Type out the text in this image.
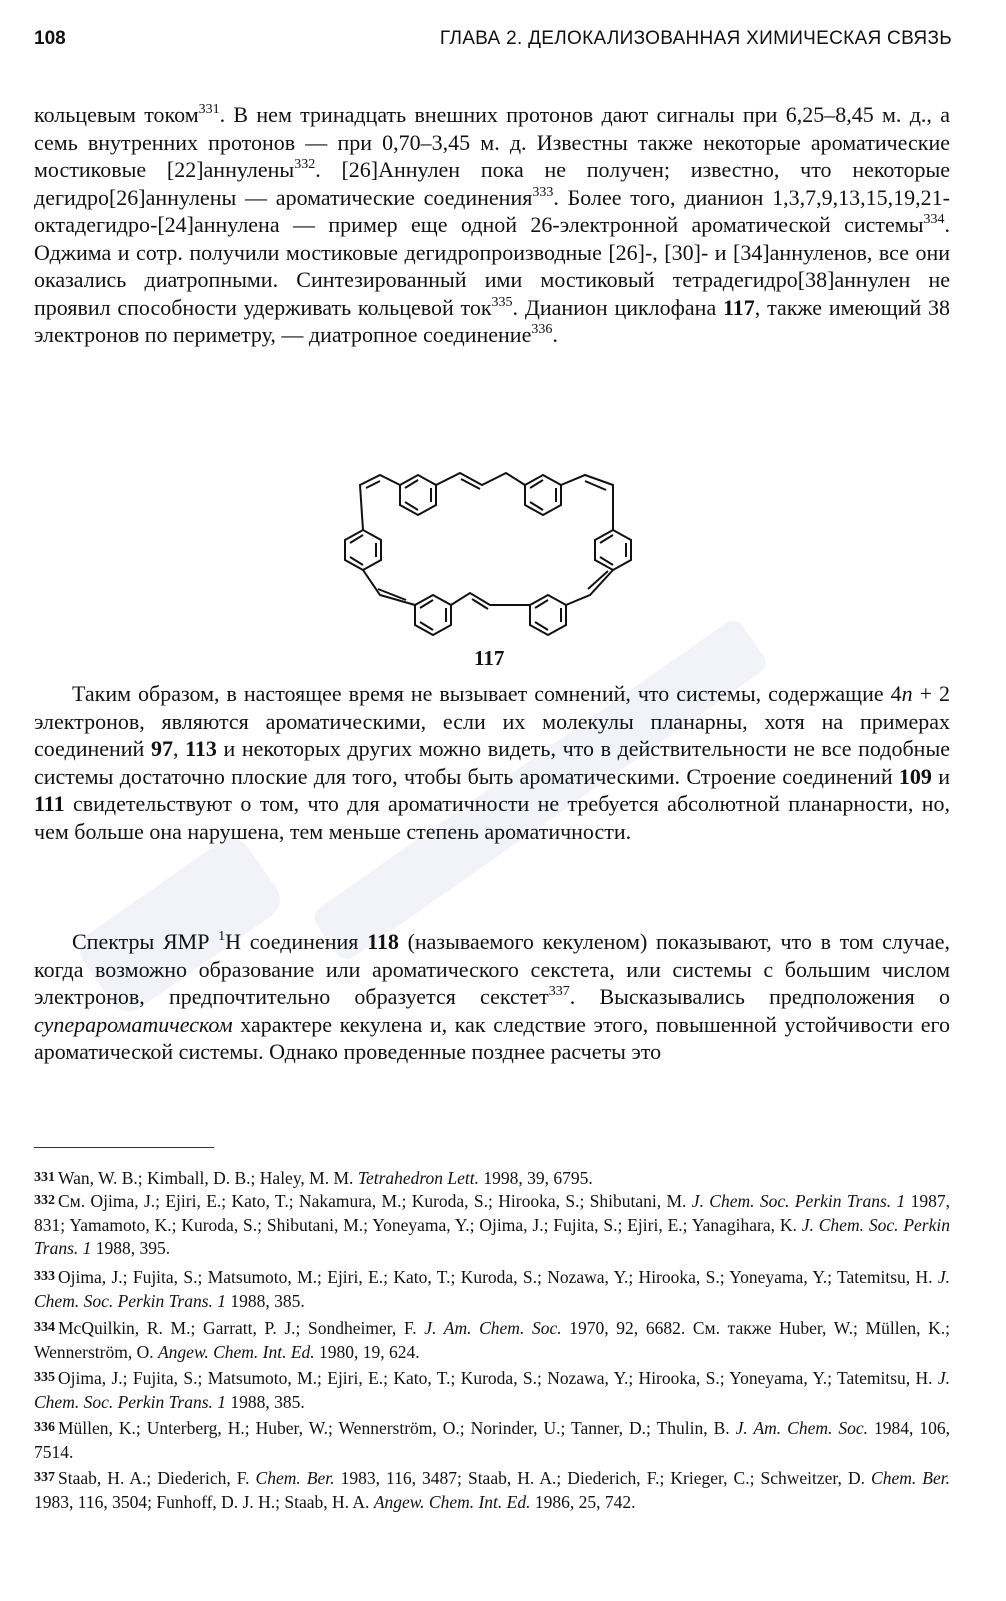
108	ГЛАВА 2. ДЕЛОКАЛИЗОВАННАЯ ХИМИЧЕСКАЯ СВЯЗЬ
кольцевым током$^{331}$. В нем тринадцать внешних протонов дают сигналы при 6,25–8,45 м. д., а семь внутренних протонов — при 0,70–3,45 м. д. Известны также некоторые ароматические мостиковые [22]аннулены$^{332}$. [26]Аннулен пока не получен; известно, что некоторые дегидро[26]аннулены — ароматические соединения$^{333}$. Более того, дианион 1,3,7,9,13,15,19,21-октадегидро-[24]аннулена — пример еще одной 26-электронной ароматической системы$^{334}$. Оджима и сотр. получили мостиковые дегидропроизводные [26]-, [30]- и [34]аннуленов, все они оказались диатропными. Синтезированный ими мостиковый тетрадегидро[38]аннулен не проявил способности удерживать кольцевой ток$^{335}$. Дианион циклофана 117, также имеющий 38 электронов по периметру, — диатропное соединение$^{336}$.
117
Таким образом, в настоящее время не вызывает сомнений, что системы, содержащие 4n + 2 электронов, являются ароматическими, если их молекулы планарны, хотя на примерах соединений 97, 113 и некоторых других можно видеть, что в действительности не все подобные системы достаточно плоские для того, чтобы быть ароматическими. Строение соединений 109 и 111 свидетельствуют о том, что для ароматичности не требуется абсолютной планарности, но, чем больше она нарушена, тем меньше степень ароматичности.
Спектры ЯМР $^1$Н соединения 118 (называемого кекуленом) показывают, что в том случае, когда возможно образование или ароматического секстета, или системы с большим числом электронов, предпочтительно образуется секстет$^{337}$. Высказывались предположения о суперароматическом характере кекулена и, как следствие этого, повышенной устойчивости его ароматической системы. Однако проведенные позднее расчеты это
331 Wan, W. B.; Kimball, D. B.; Haley, M. M. Tetrahedron Lett. 1998, 39, 6795.
332 См. Ojima, J.; Ejiri, E.; Kato, T.; Nakamura, M.; Kuroda, S.; Hirooka, S.; Shibutani, M. J. Chem. Soc. Perkin Trans. 1 1987, 831; Yamamoto, K.; Kuroda, S.; Shibutani, M.; Yoneyama, Y.; Ojima, J.; Fujita, S.; Ejiri, E.; Yanagihara, K. J. Chem. Soc. Perkin Trans. 1 1988, 395.
333 Ojima, J.; Fujita, S.; Matsumoto, M.; Ejiri, E.; Kato, T.; Kuroda, S.; Nozawa, Y.; Hirooka, S.; Yoneyama, Y.; Tatemitsu, H. J. Chem. Soc. Perkin Trans. 1 1988, 385.
334 McQuilkin, R. M.; Garratt, P. J.; Sondheimer, F. J. Am. Chem. Soc. 1970, 92, 6682. См. также Huber, W.; Müllen, K.; Wennerström, O. Angew. Chem. Int. Ed. 1980, 19, 624.
335 Ojima, J.; Fujita, S.; Matsumoto, M.; Ejiri, E.; Kato, T.; Kuroda, S.; Nozawa, Y.; Hirooka, S.; Yoneyama, Y.; Tatemitsu, H. J. Chem. Soc. Perkin Trans. 1 1988, 385.
336 Müllen, K.; Unterberg, H.; Huber, W.; Wennerström, O.; Norinder, U.; Tanner, D.; Thulin, B. J. Am. Chem. Soc. 1984, 106, 7514.
337 Staab, H. A.; Diederich, F. Chem. Ber. 1983, 116, 3487; Staab, H. A.; Diederich, F.; Krieger, C.; Schweitzer, D. Chem. Ber. 1983, 116, 3504; Funhoff, D. J. H.; Staab, H. A. Angew. Chem. Int. Ed. 1986, 25, 742.
